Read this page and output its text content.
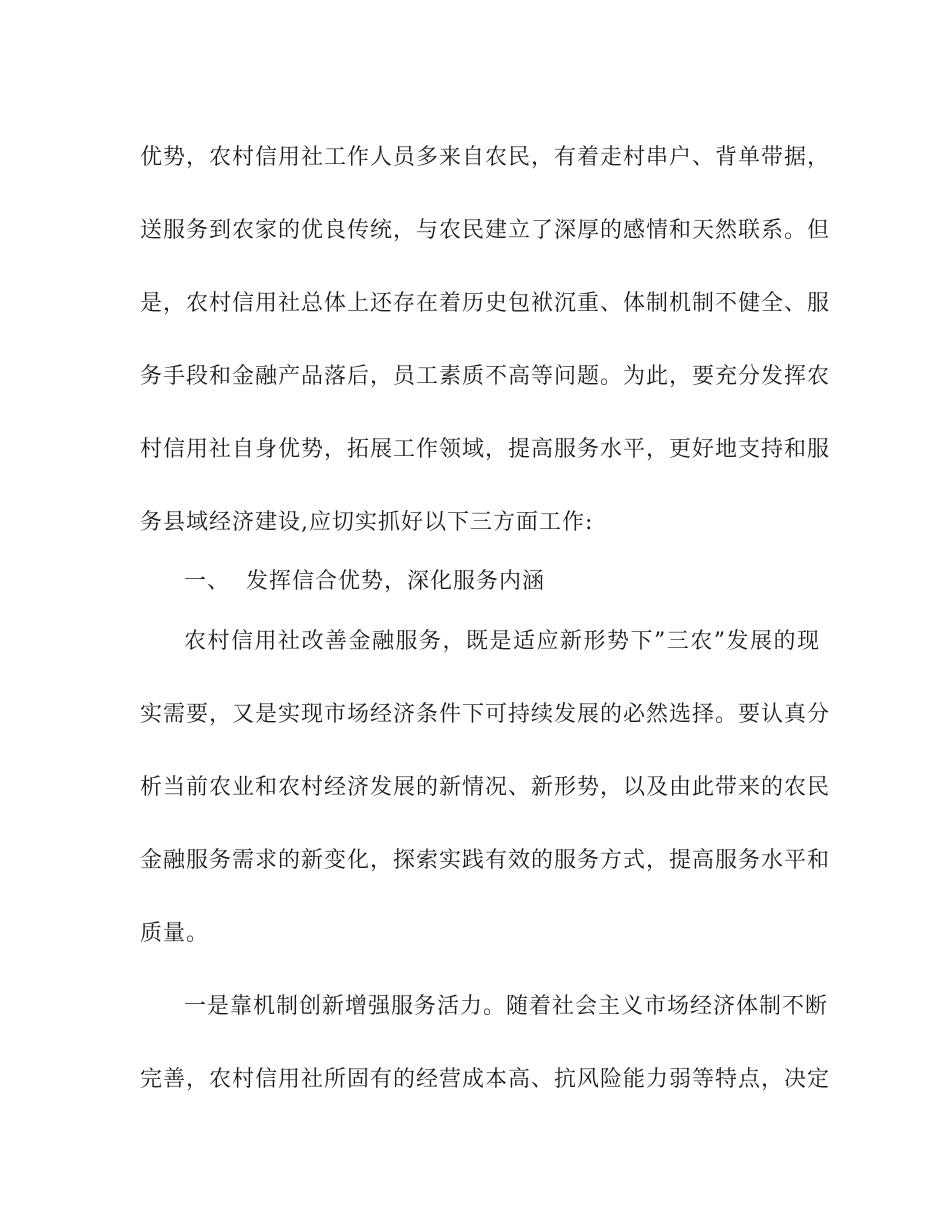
优势，农村信用社工作人员多来自农民，有着走村串户、背单带据，
送服务到农家的优良传统，与农民建立了深厚的感情和天然联系。但
是，农村信用社总体上还存在着历史包袱沉重、体制机制不健全、服
务手段和金融产品落后，员工素质不高等问题。为此，要充分发挥农
村信用社自身优势，拓展工作领域，提高服务水平，更好地支持和服
务县域经济建设,应切实抓好以下三方面工作:
一、  发挥信合优势，深化服务内涵
农村信用社改善金融服务，既是适应新形势下”三农”发展的现
实需要，又是实现市场经济条件下可持续发展的必然选择。要认真分
析当前农业和农村经济发展的新情况、新形势，以及由此带来的农民
金融服务需求的新变化，探索实践有效的服务方式，提高服务水平和
质量。
一是靠机制创新增强服务活力。随着社会主义市场经济体制不断
完善，农村信用社所固有的经营成本高、抗风险能力弱等特点，决定
